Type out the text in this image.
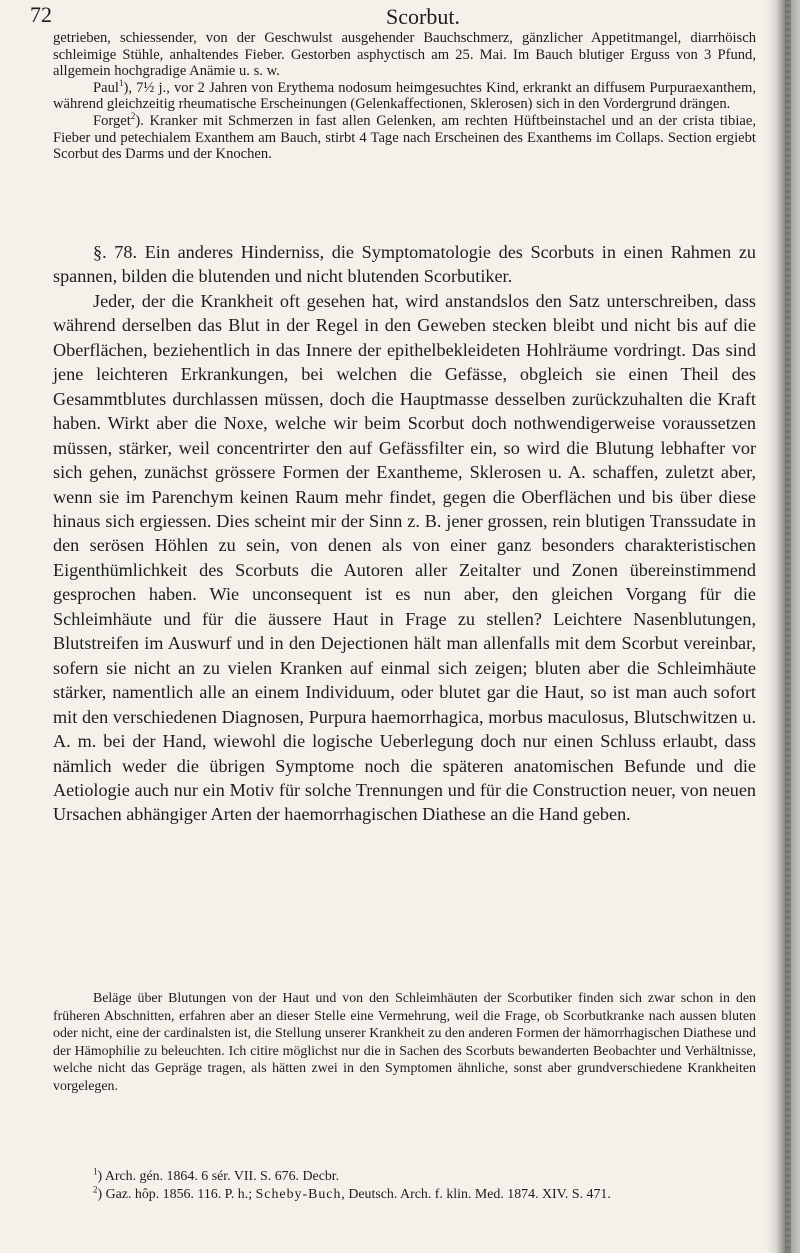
72	Scorbut.

getrieben, schiessender, von der Geschwulst ausgehender Bauchschmerz, gänzlicher Appetitmangel, diarrhöisch schleimige Stühle, anhaltendes Fieber. Gestorben asphyctisch am 25. Mai. Im Bauch blutiger Erguss von 3 Pfund, allgemein hochgradige Anämie u. s. w.

Paul$^1$), 7½ j., vor 2 Jahren von Erythema nodosum heimgesuchtes Kind, erkrankt an diffusem Purpuraexanthem, während gleichzeitig rheumatische Erscheinungen (Gelenkaffectionen, Sklerosen) sich in den Vordergrund drängen.

Forget$^2$). Kranker mit Schmerzen in fast allen Gelenken, am rechten Hüftbeinstachel und an der crista tibiae, Fieber und petechialem Exanthem am Bauch, stirbt 4 Tage nach Erscheinen des Exanthems im Collaps. Section ergiebt Scorbut des Darms und der Knochen.

§. 78. Ein anderes Hinderniss, die Symptomatologie des Scorbuts in einen Rahmen zu spannen, bilden die blutenden und nicht blutenden Scorbutiker.

Jeder, der die Krankheit oft gesehen hat, wird anstandslos den Satz unterschreiben, dass während derselben das Blut in der Regel in den Geweben stecken bleibt und nicht bis auf die Oberflächen, beziehentlich in das Innere der epithelbekleideten Hohlräume vordringt. Das sind jene leichteren Erkrankungen, bei welchen die Gefässe, obgleich sie einen Theil des Gesammtblutes durchlassen müssen, doch die Hauptmasse desselben zurückzuhalten die Kraft haben. Wirkt aber die Noxe, welche wir beim Scorbut doch nothwendigerweise voraussetzen müssen, stärker, weil concentrirter den auf Gefässfilter ein, so wird die Blutung lebhafter vor sich gehen, zunächst grössere Formen der Exantheme, Sklerosen u. A. schaffen, zuletzt aber, wenn sie im Parenchym keinen Raum mehr findet, gegen die Oberflächen und bis über diese hinaus sich ergiessen. Dies scheint mir der Sinn z. B. jener grossen, rein blutigen Transsudate in den serösen Höhlen zu sein, von denen als von einer ganz besonders charakteristischen Eigenthümlichkeit des Scorbuts die Autoren aller Zeitalter und Zonen übereinstimmend gesprochen haben. Wie unconsequent ist es nun aber, den gleichen Vorgang für die Schleimhäute und für die äussere Haut in Frage zu stellen? Leichtere Nasenblutungen, Blutstreifen im Auswurf und in den Dejectionen hält man allenfalls mit dem Scorbut vereinbar, sofern sie nicht an zu vielen Kranken auf einmal sich zeigen; bluten aber die Schleimhäute stärker, namentlich alle an einem Individuum, oder blutet gar die Haut, so ist man auch sofort mit den verschiedenen Diagnosen, Purpura haemorrhagica, morbus maculosus, Blutschwitzen u. A. m. bei der Hand, wiewohl die logische Ueberlegung doch nur einen Schluss erlaubt, dass nämlich weder die übrigen Symptome noch die späteren anatomischen Befunde und die Aetiologie auch nur ein Motiv für solche Trennungen und für die Construction neuer, von neuen Ursachen abhängiger Arten der haemorrhagischen Diathese an die Hand geben.

Beläge über Blutungen von der Haut und von den Schleimhäuten der Scorbutiker finden sich zwar schon in den früheren Abschnitten, erfahren aber an dieser Stelle eine Vermehrung, weil die Frage, ob Scorbutkranke nach aussen bluten oder nicht, eine der cardinalsten ist, die Stellung unserer Krankheit zu den anderen Formen der hämorrhagischen Diathese und der Hämophilie zu beleuchten. Ich citire möglichst nur die in Sachen des Scorbuts bewanderten Beobachter und Verhältnisse, welche nicht das Gepräge tragen, als hätten zwei in den Symptomen ähnliche, sonst aber grundverschiedene Krankheiten vorgelegen.

$^1$) Arch. gén. 1864. 6 sér. VII. S. 676. Decbr.

$^2$) Gaz. hôp. 1856. 116. P. h.; Scheby-Buch, Deutsch. Arch. f. klin. Med. 1874. XIV. S. 471.
